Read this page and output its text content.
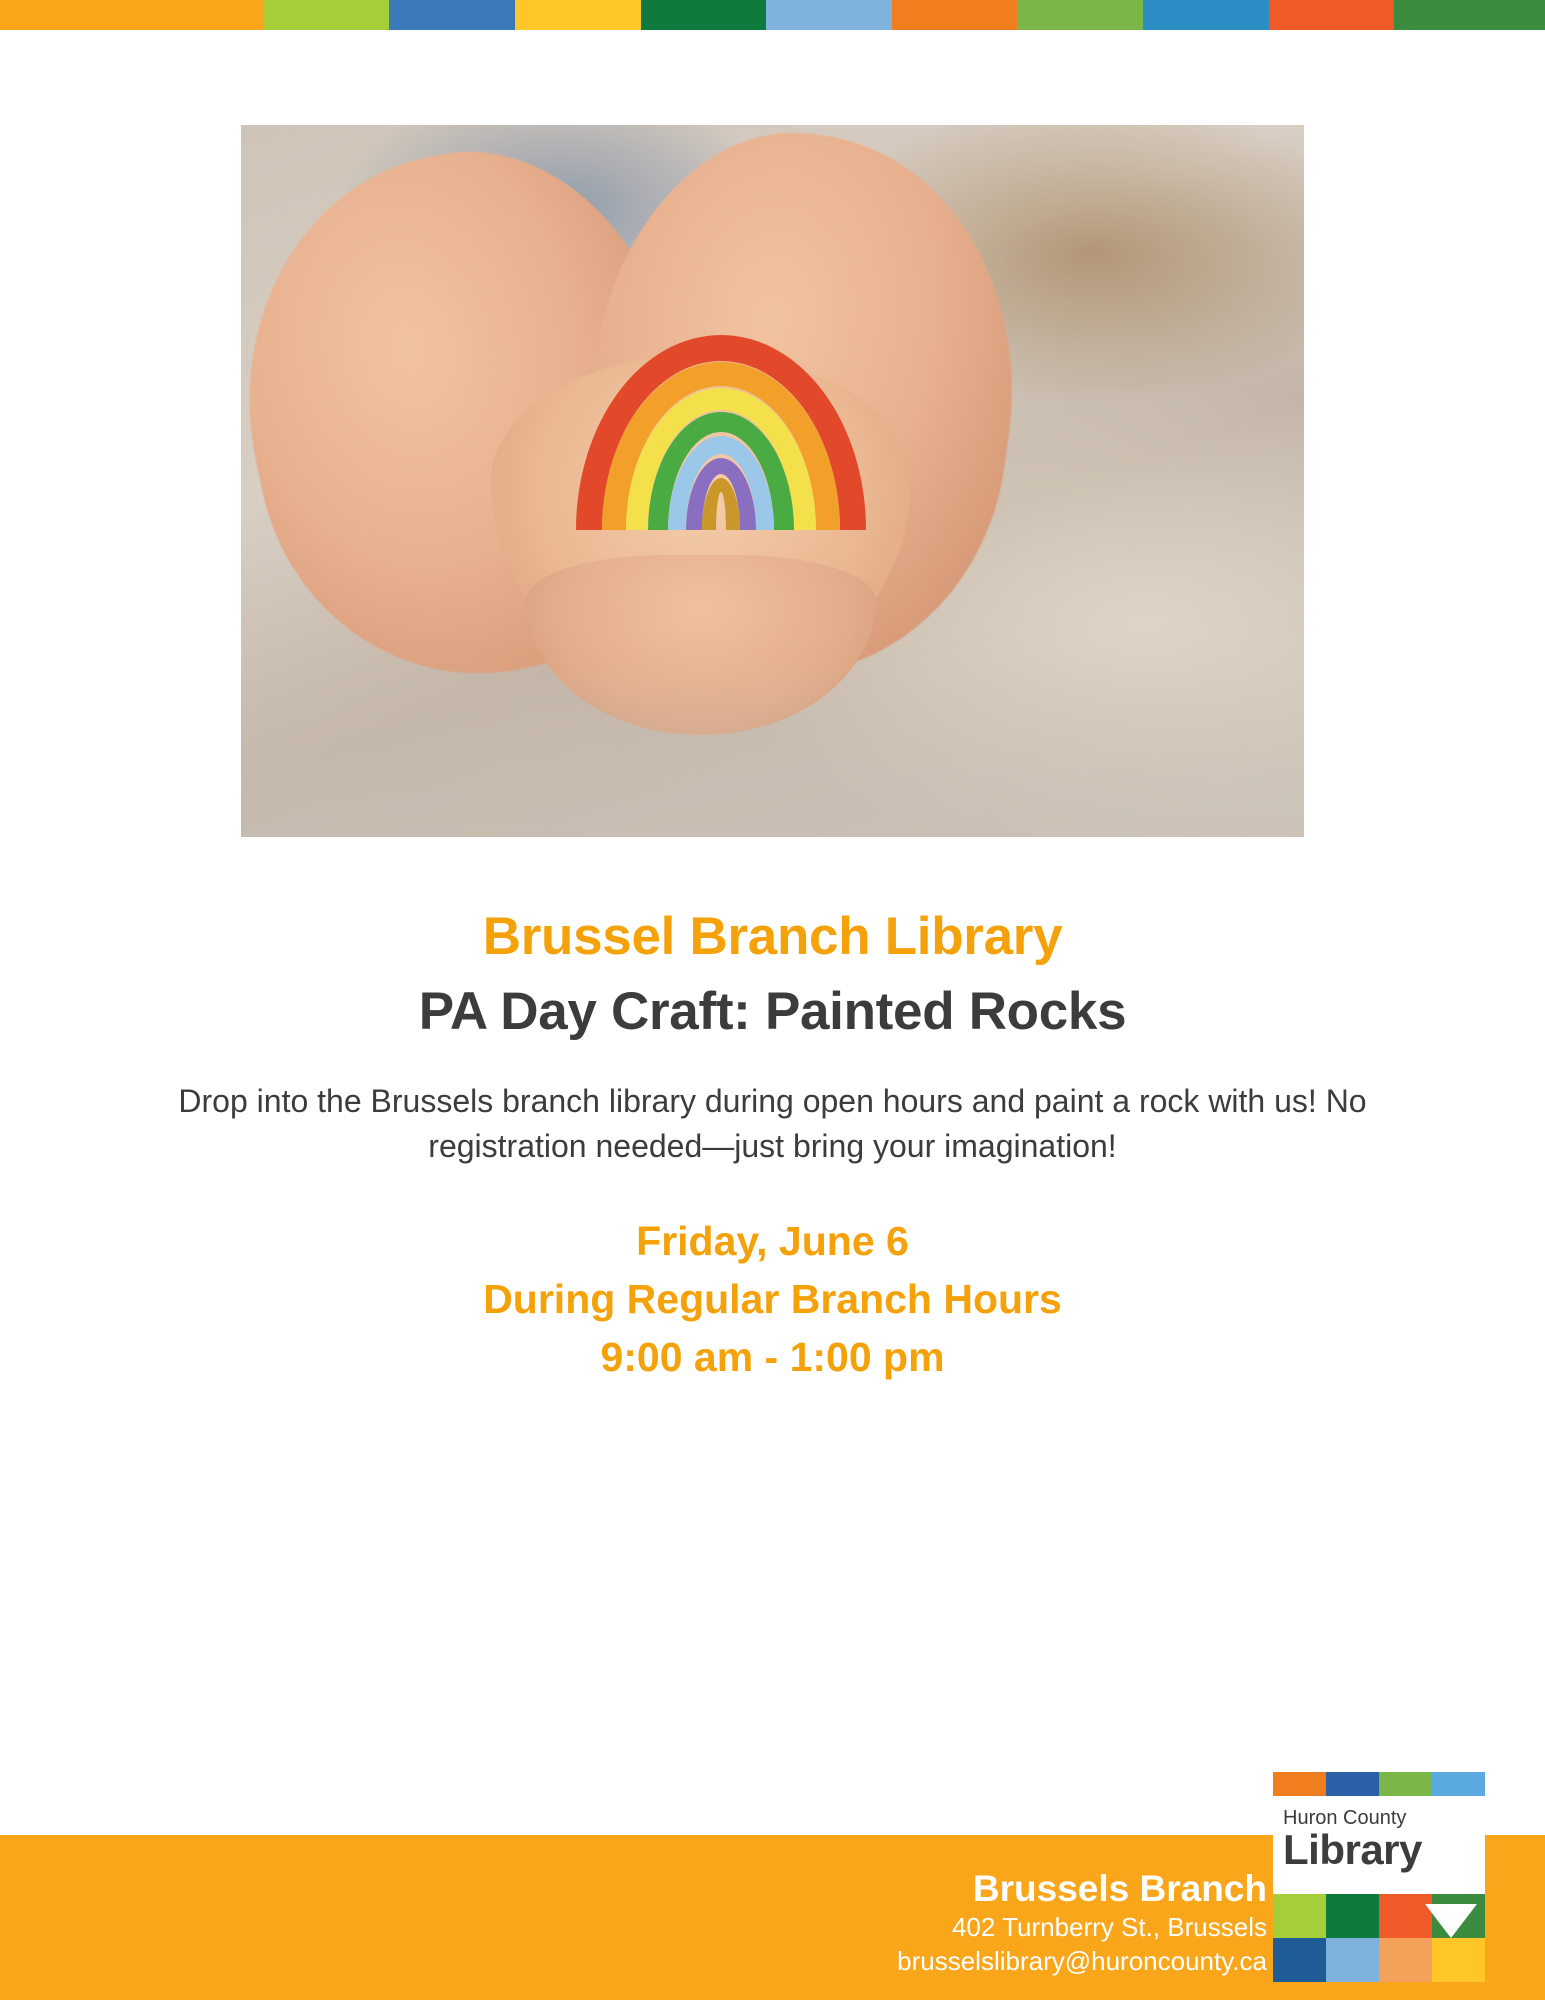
Brussel Branch Library
PA Day Craft: Painted Rocks
Drop into the Brussels branch library during open hours and paint a rock with us! No registration needed—just bring your imagination!
Friday, June 6
During Regular Branch Hours
9:00 am - 1:00 pm
Brussels Branch
402 Turnberry St., Brussels
brusselslibrary@huroncounty.ca
Huron County
Library
